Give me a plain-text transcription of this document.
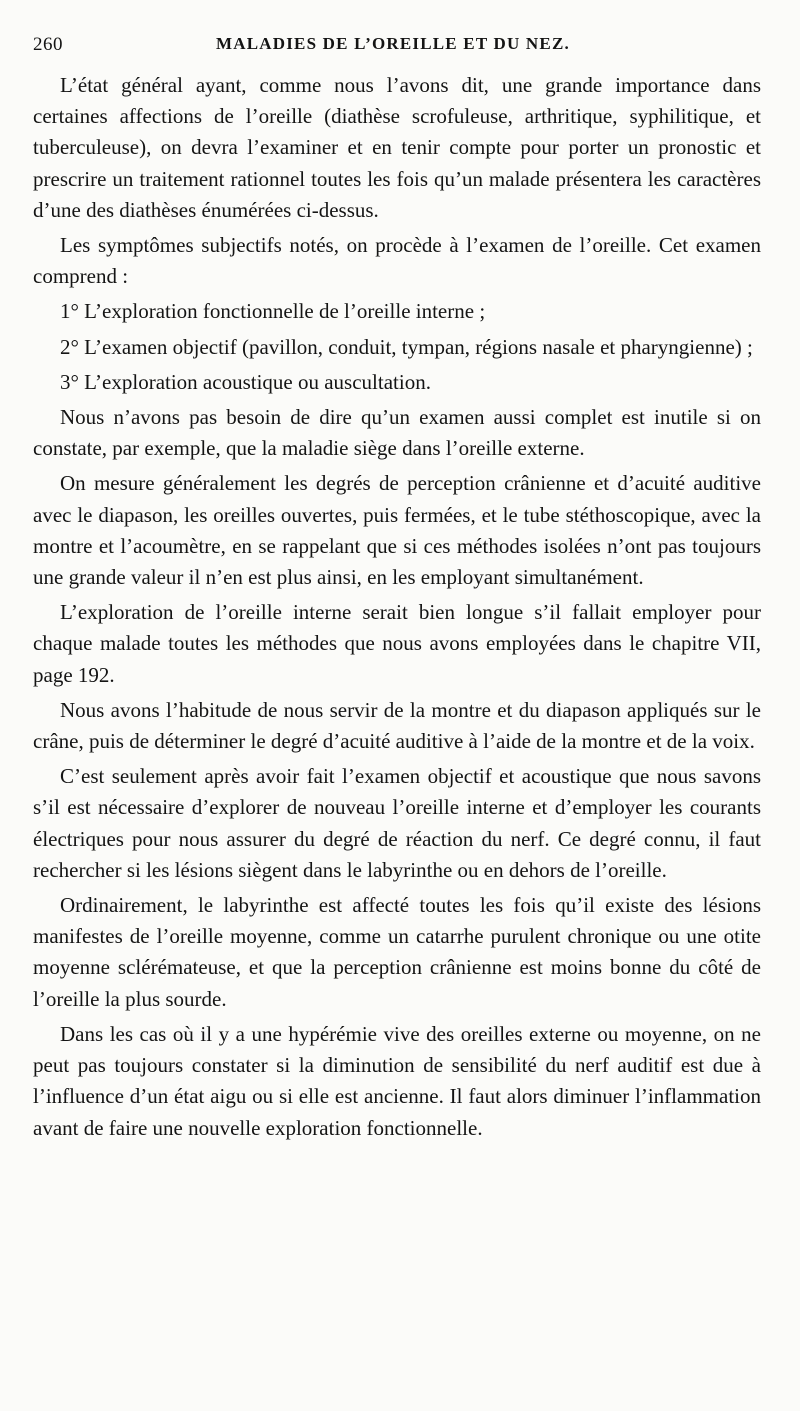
260	MALADIES DE L’OREILLE ET DU NEZ.

L’état général ayant, comme nous l’avons dit, une grande importance dans certaines affections de l’oreille (diathèse scrofuleuse, arthritique, syphilitique, et tuberculeuse), on devra l’examiner et en tenir compte pour porter un pronostic et prescrire un traitement rationnel toutes les fois qu’un malade présentera les caractères d’une des diathèses énumérées ci-dessus.

Les symptômes subjectifs notés, on procède à l’examen de l’oreille. Cet examen comprend :

1° L’exploration fonctionnelle de l’oreille interne ;

2° L’examen objectif (pavillon, conduit, tympan, régions nasale et pharyngienne) ;

3° L’exploration acoustique ou auscultation.

Nous n’avons pas besoin de dire qu’un examen aussi complet est inutile si on constate, par exemple, que la maladie siège dans l’oreille externe.

On mesure généralement les degrés de perception crânienne et d’acuité auditive avec le diapason, les oreilles ouvertes, puis fermées, et le tube stéthoscopique, avec la montre et l’acoumètre, en se rappelant que si ces méthodes isolées n’ont pas toujours une grande valeur il n’en est plus ainsi, en les employant simultanément.

L’exploration de l’oreille interne serait bien longue s’il fallait employer pour chaque malade toutes les méthodes que nous avons employées dans le chapitre VII, page 192.

Nous avons l’habitude de nous servir de la montre et du diapason appliqués sur le crâne, puis de déterminer le degré d’acuité auditive à l’aide de la montre et de la voix.

C’est seulement après avoir fait l’examen objectif et acoustique que nous savons s’il est nécessaire d’explorer de nouveau l’oreille interne et d’employer les courants électriques pour nous assurer du degré de réaction du nerf. Ce degré connu, il faut rechercher si les lésions siègent dans le labyrinthe ou en dehors de l’oreille.

Ordinairement, le labyrinthe est affecté toutes les fois qu’il existe des lésions manifestes de l’oreille moyenne, comme un catarrhe purulent chronique ou une otite moyenne sclérémateuse, et que la perception crânienne est moins bonne du côté de l’oreille la plus sourde.

Dans les cas où il y a une hypérémie vive des oreilles externe ou moyenne, on ne peut pas toujours constater si la diminution de sensibilité du nerf auditif est due à l’influence d’un état aigu ou si elle est ancienne. Il faut alors diminuer l’inflammation avant de faire une nouvelle exploration fonctionnelle.
